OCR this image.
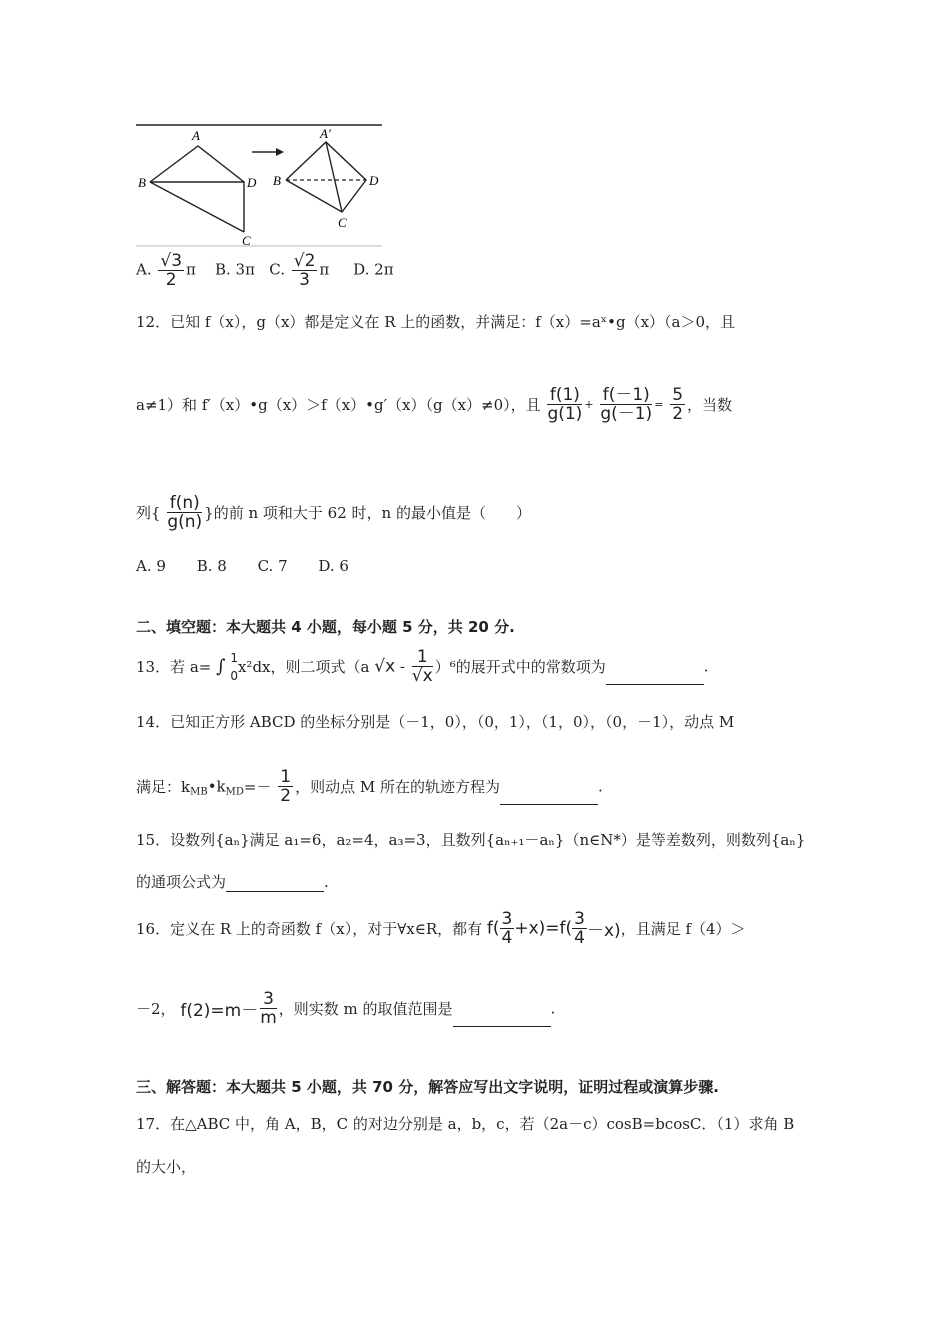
A
B	D
C
A′
B	D
C
A. $\frac{√3}{2}$ π B. 3π C. $\frac{√2}{3}$ π D. 2π
12．已知 f（x），g（x）都是定义在 R 上的函数，并满足：f（x）=aˣ•g（x）（a＞0，且
a≠1）和 f′（x）•g（x）＞f（x）•g′（x）（g（x）≠0），且 $\frac{f(1)}{g(1)} + \frac{f(-1)}{g(-1)} = \frac{5}{2}$ ，当数
列{ $\frac{f(n)}{g(n)}$ }的前 n 项和大于 62 时，n 的最小值是（　　）
A. 9 B. 8 C. 7 D. 6
二、填空题：本大题共 4 小题，每小题 5 分，共 20 分.
13．若 a= ∫ 1
0 x²dx，则二项式（a $√x - \frac{1}{√x} )^6$的展开式中的常数项为	.
14．已知正方形 ABCD 的坐标分别是（－1，0），（0，1），（1，0），（0，－1），动点 M
满足：$k_{MB}•k_{MD}=- \frac{1}{2}$ ，则动点 M 所在的轨迹方程为	.
15．设数列{aₙ}满足 a₁=6，a₂=4，a₃=3，且数列{aₙ₊₁－aₙ}（n∈N*）是等差数列，则数列{aₙ}
的通项公式为	.
16．定义在 R 上的奇函数 f（x），对于∀x∈R，都有 $f( \frac{3}{4} +x)=f( \frac{3}{4} -x)$，且满足 f（4）＞
－2， $f(2)=m- \frac{3}{m}$ ，则实数 m 的取值范围是	.
三、解答题：本大题共 5 小题，共 70 分，解答应写出文字说明，证明过程或演算步骤.
17．在△ABC 中，角 A，B，C 的对边分别是 a，b，c，若（2a－c）cosB=bcosC．（1）求角 B
的大小，
